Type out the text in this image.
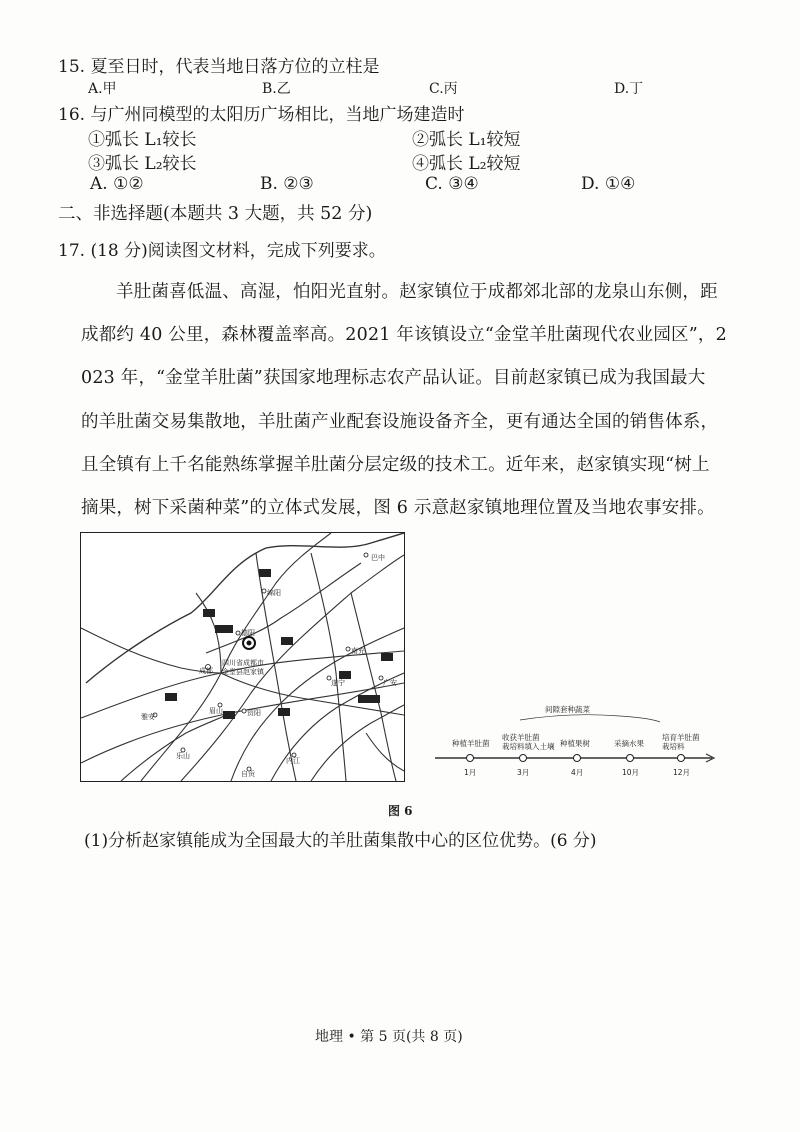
15. 夏至日时，代表当地日落方位的立柱是
A.甲	B.乙	C.丙	D.丁
16. 与广州同模型的太阳历广场相比，当地广场建造时
①弧长 L₁较长	②弧长 L₁较短
③弧长 L₂较长	④弧长 L₂较短
A. ①②	B. ②③	C. ③④	D. ①④
二、非选择题(本题共 3 大题，共 52 分)
17. (18 分)阅读图文材料，完成下列要求。
羊肚菌喜低温、高湿，怕阳光直射。赵家镇位于成都郊北部的龙泉山东侧，距
成都约 40 公里，森林覆盖率高。2021 年该镇设立“金堂羊肚菌现代农业园区”，2
023 年，“金堂羊肚菌”获国家地理标志农产品认证。目前赵家镇已成为我国最大
的羊肚菌交易集散地，羊肚菌产业配套设施设备齐全，更有通达全国的销售体系，
且全镇有上千名能熟练掌握羊肚菌分层定级的技术工。近年来，赵家镇实现“树上
摘果，树下采菌种菜”的立体式发展，图 6 示意赵家镇地理位置及当地农事安排。
巴中
绵阳
德阳
南充
成都
四川省成都市
金堂县赵家镇
遂宁
眉山	资阳
雅安
乐山
内江
自贡
广安
间隙套种蔬菜
种植羊肚菌
收获羊肚菌栽培料填入土壤 种植果树	采摘水果
培育羊肚菌栽培料
1月	3月	4月	10月	12月
图 6
(1)分析赵家镇能成为全国最大的羊肚菌集散中心的区位优势。(6 分)
地理 • 第 5 页(共 8 页)
